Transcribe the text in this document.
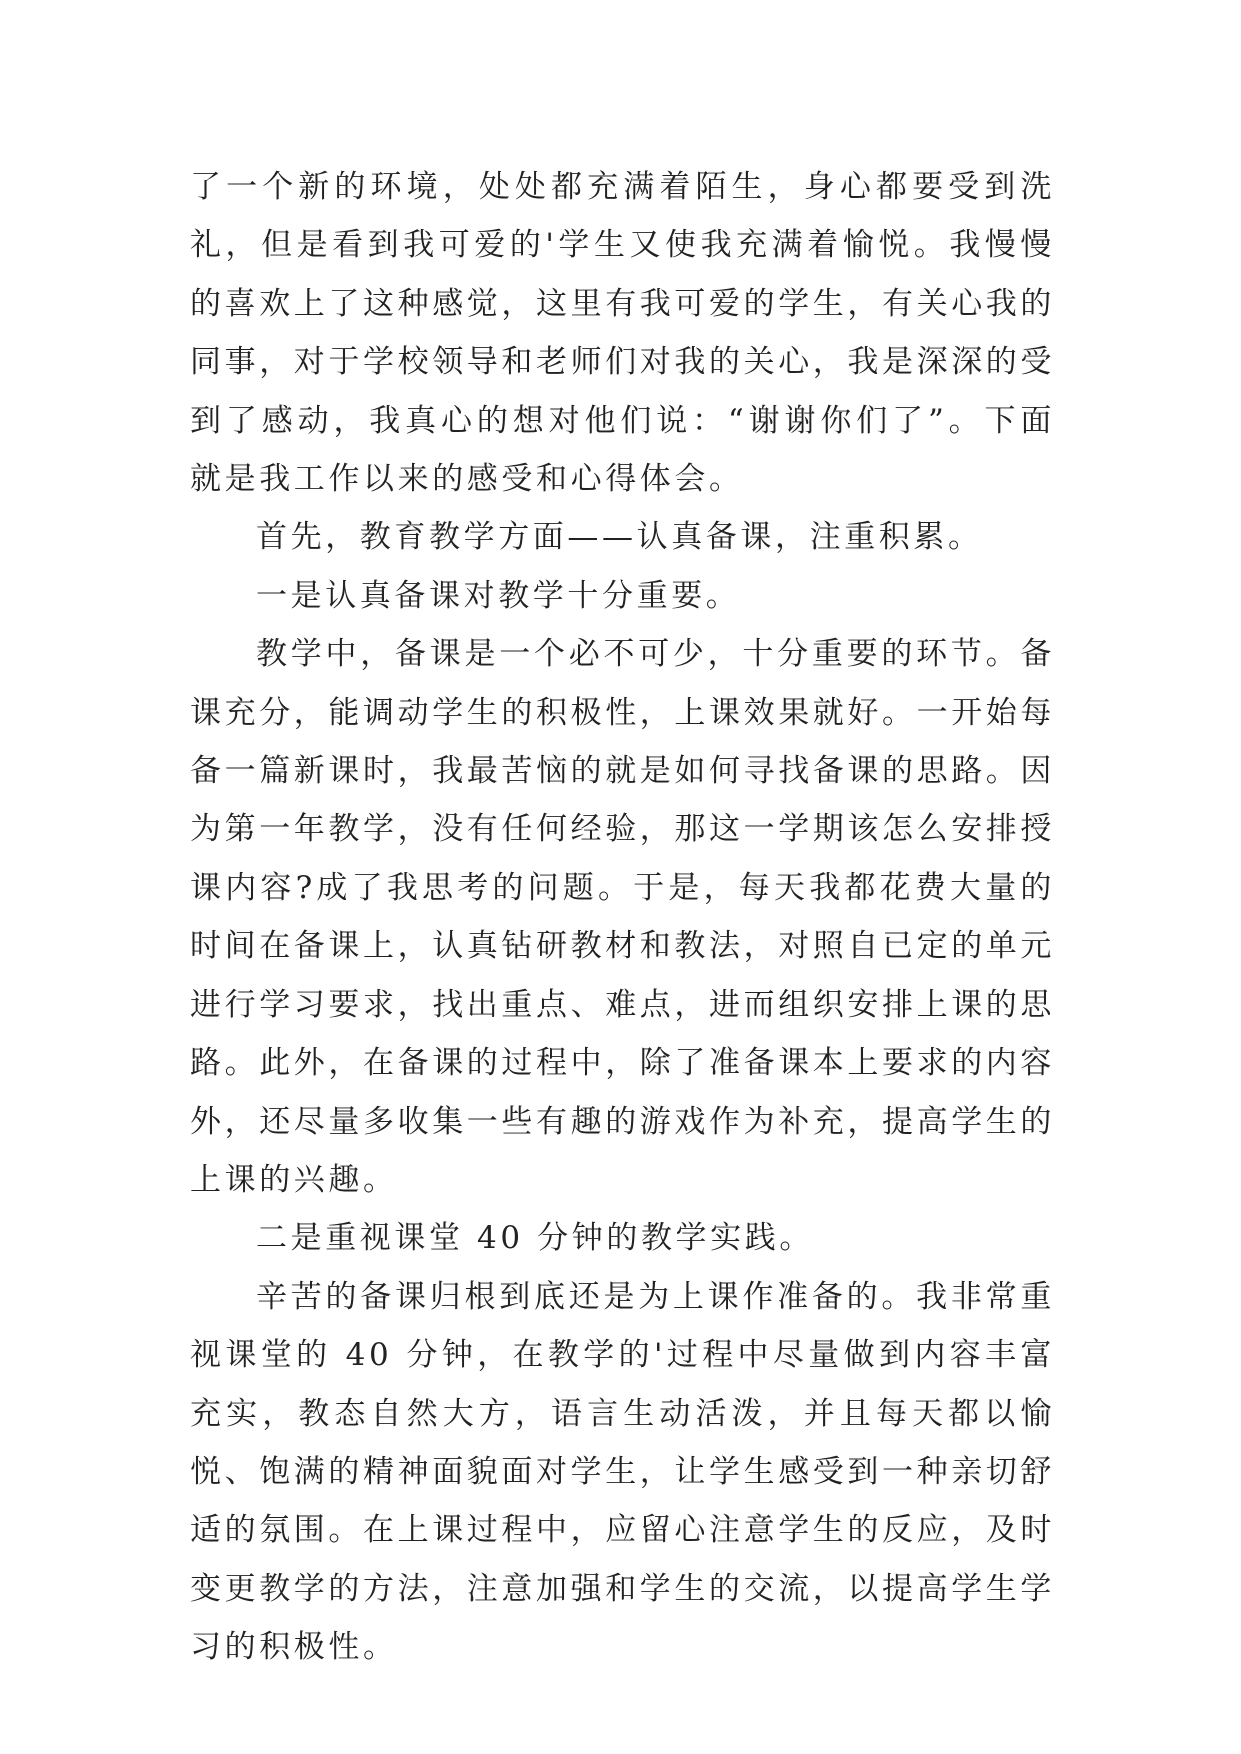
了一个新的环境，处处都充满着陌生，身心都要受到洗礼，但是看到我可爱的'学生又使我充满着愉悦。我慢慢的喜欢上了这种感觉，这里有我可爱的学生，有关心我的同事，对于学校领导和老师们对我的关心，我是深深的受到了感动，我真心的想对他们说：“谢谢你们了”。下面就是我工作以来的感受和心得体会。

首先，教育教学方面——认真备课，注重积累。

一是认真备课对教学十分重要。

教学中，备课是一个必不可少，十分重要的环节。备课充分，能调动学生的积极性，上课效果就好。一开始每备一篇新课时，我最苦恼的就是如何寻找备课的思路。因为第一年教学，没有任何经验，那这一学期该怎么安排授课内容?成了我思考的问题。于是，每天我都花费大量的时间在备课上，认真钻研教材和教法，对照自已定的单元进行学习要求，找出重点、难点，进而组织安排上课的思路。此外，在备课的过程中，除了准备课本上要求的内容外，还尽量多收集一些有趣的游戏作为补充，提高学生的上课的兴趣。

二是重视课堂 40 分钟的教学实践。

辛苦的备课归根到底还是为上课作准备的。我非常重视课堂的 40 分钟，在教学的'过程中尽量做到内容丰富充实，教态自然大方，语言生动活泼，并且每天都以愉悦、饱满的精神面貌面对学生，让学生感受到一种亲切舒适的氛围。在上课过程中，应留心注意学生的反应，及时变更教学的方法，注意加强和学生的交流，以提高学生学习的积极性。
